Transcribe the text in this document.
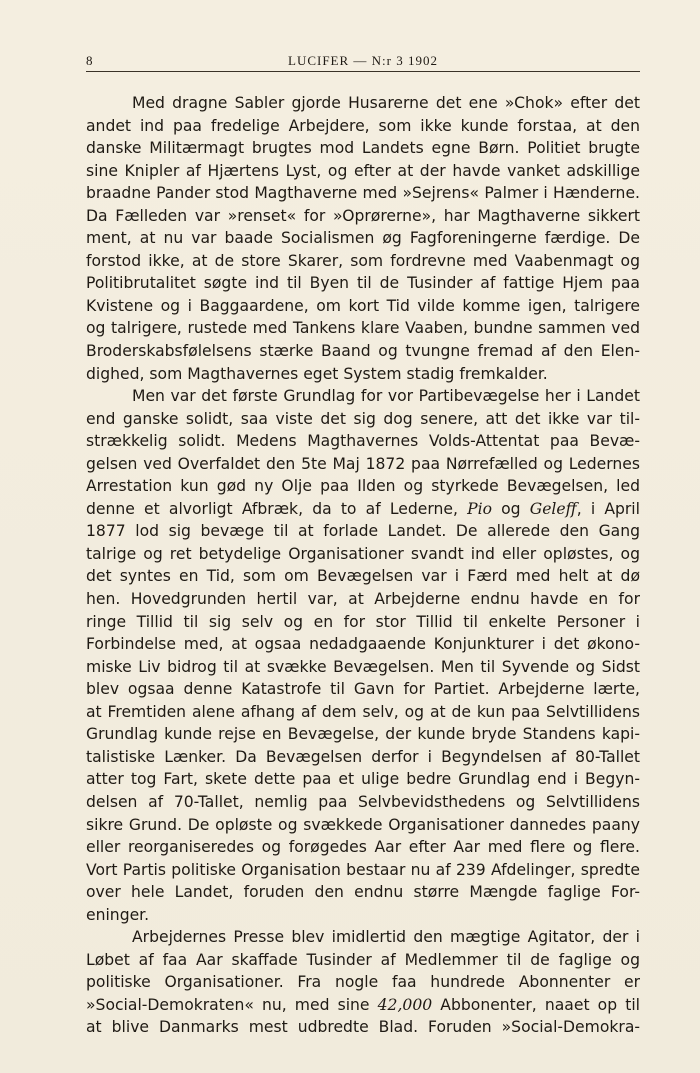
8	LUCIFER — N:r 3 1902
Med dragne Sabler gjorde Husarerne det ene »Chok» efter det
andet ind paa fredelige Arbejdere, som ikke kunde forstaa, at den
danske Militærmagt brugtes mod Landets egne Børn. Politiet brugte
sine Knipler af Hjærtens Lyst, og efter at der havde vanket adskillige
braadne Pander stod Magthaverne med »Sejrens« Palmer i Hænderne.
Da Fælleden var »renset« for »Oprørerne», har Magthaverne sikkert
ment, at nu var baade Socialismen øg Fagforeningerne færdige. De
forstod ikke, at de store Skarer, som fordrevne med Vaabenmagt og
Politibrutalitet søgte ind til Byen til de Tusinder af fattige Hjem paa
Kvistene og i Baggaardene, om kort Tid vilde komme igen, talrigere
og talrigere, rustede med Tankens klare Vaaben, bundne sammen ved
Broderskabsfølelsens stærke Baand og tvungne fremad af den Elen-
dighed, som Magthavernes eget System stadig fremkalder.
Men var det første Grundlag for vor Partibevægelse her i Landet
end ganske solidt, saa viste det sig dog senere, att det ikke var til-
strækkelig solidt. Medens Magthavernes Volds-Attentat paa Bevæ-
gelsen ved Overfaldet den 5te Maj 1872 paa Nørrefælled og Ledernes
Arrestation kun gød ny Olje paa Ilden og styrkede Bevægelsen, led
denne et alvorligt Afbræk, da to af Lederne, Pio og Geleff, i April
1877 lod sig bevæge til at forlade Landet. De allerede den Gang
talrige og ret betydelige Organisationer svandt ind eller opløstes, og
det syntes en Tid, som om Bevægelsen var i Færd med helt at dø
hen. Hovedgrunden hertil var, at Arbejderne endnu havde en for
ringe Tillid til sig selv og en for stor Tillid til enkelte Personer i
Forbindelse med, at ogsaa nedadgaaende Konjunkturer i det økono-
miske Liv bidrog til at svække Bevægelsen. Men til Syvende og Sidst
blev ogsaa denne Katastrofe til Gavn for Partiet. Arbejderne lærte,
at Fremtiden alene afhang af dem selv, og at de kun paa Selvtillidens
Grundlag kunde rejse en Bevægelse, der kunde bryde Standens kapi-
talistiske Lænker. Da Bevægelsen derfor i Begyndelsen af 80-Tallet
atter tog Fart, skete dette paa et ulige bedre Grundlag end i Begyn-
delsen af 70-Tallet, nemlig paa Selvbevidsthedens og Selvtillidens
sikre Grund. De opløste og svækkede Organisationer dannedes paany
eller reorganiseredes og forøgedes Aar efter Aar med flere og flere.
Vort Partis politiske Organisation bestaar nu af 239 Afdelinger, spredte
over hele Landet, foruden den endnu større Mængde faglige For-
eninger.
Arbejdernes Presse blev imidlertid den mægtige Agitator, der i
Løbet af faa Aar skaffade Tusinder af Medlemmer til de faglige og
politiske Organisationer. Fra nogle faa hundrede Abonnenter er
»Social-Demokraten« nu, med sine 42,000 Abbonenter, naaet op til
at blive Danmarks mest udbredte Blad. Foruden »Social-Demokra-
